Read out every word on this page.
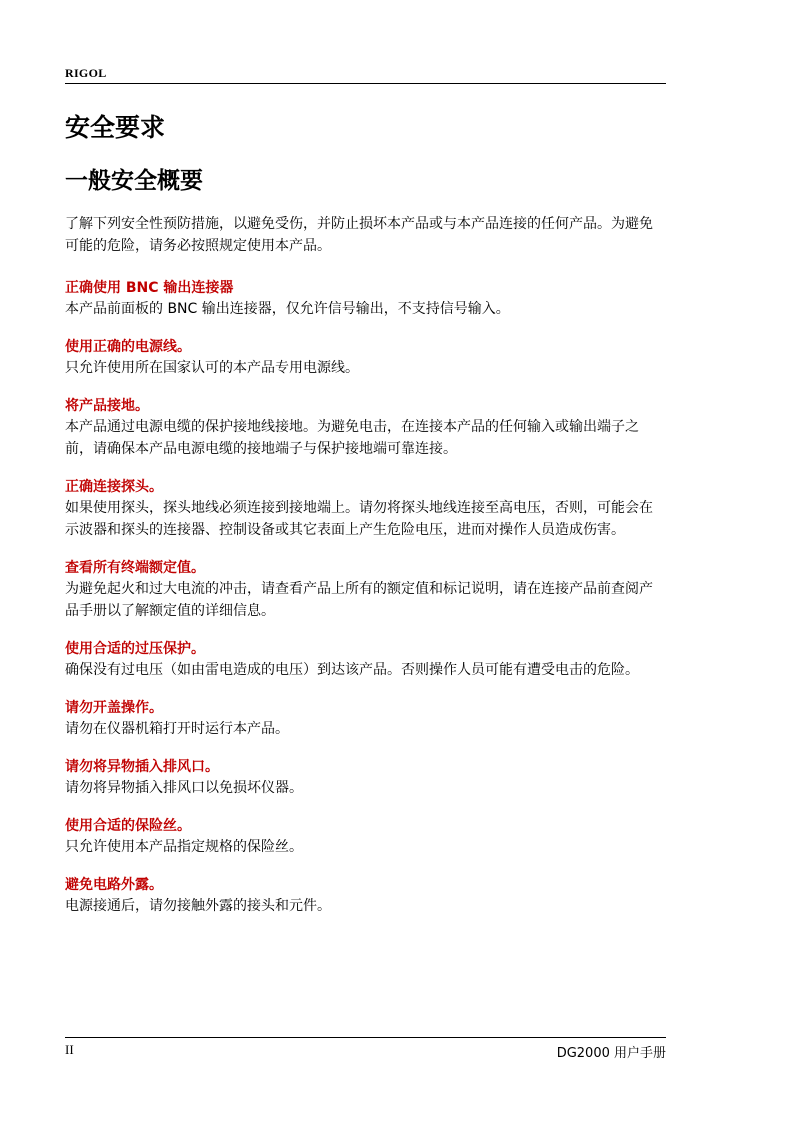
RIGOL
安全要求
一般安全概要

了解下列安全性预防措施，以避免受伤，并防止损坏本产品或与本产品连接的任何产品。为避免可能的危险，请务必按照规定使用本产品。

正确使用 BNC 输出连接器

本产品前面板的 BNC 输出连接器，仅允许信号输出，不支持信号输入。

使用正确的电源线。

只允许使用所在国家认可的本产品专用电源线。

将产品接地。

本产品通过电源电缆的保护接地线接地。为避免电击，在连接本产品的任何输入或输出端子之前，请确保本产品电源电缆的接地端子与保护接地端可靠连接。

正确连接探头。

如果使用探头，探头地线必须连接到接地端上。请勿将探头地线连接至高电压，否则，可能会在示波器和探头的连接器、控制设备或其它表面上产生危险电压，进而对操作人员造成伤害。

查看所有终端额定值。

为避免起火和过大电流的冲击，请查看产品上所有的额定值和标记说明，请在连接产品前查阅产品手册以了解额定值的详细信息。

使用合适的过压保护。

确保没有过电压（如由雷电造成的电压）到达该产品。否则操作人员可能有遭受电击的危险。

请勿开盖操作。

请勿在仪器机箱打开时运行本产品。

请勿将异物插入排风口。

请勿将异物插入排风口以免损坏仪器。

使用合适的保险丝。

只允许使用本产品指定规格的保险丝。

避免电路外露。

电源接通后，请勿接触外露的接头和元件。

II	DG2000 用户手册
